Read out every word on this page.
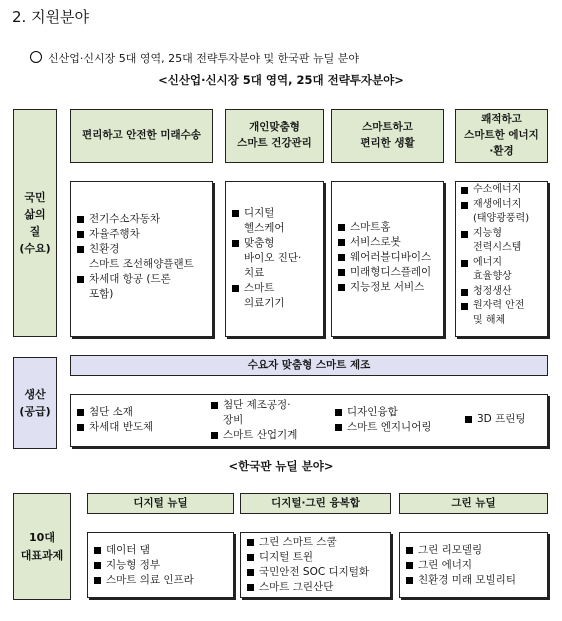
2. 지원분야
신산업·신시장 5대 영역, 25대 전략투자분야 및 한국판 뉴딜 분야
<신산업·신시장 5대 영역, 25대 전략투자분야>
국민
삶의
질
(수요)
편리하고 안전한 미래수송
개인맞춤형
스마트 건강관리
스마트하고
편리한 생활
쾌적하고
스마트한 에너지
·환경
전기수소자동차
자율주행차
친환경
스마트 조선해양플랜트
차세대 항공 (드론
포함)
디지털
헬스케어
맞춤형
바이오 진단·
치료
스마트
의료기기
스마트홈
서비스로봇
웨어러블디바이스
미래형디스플레이
지능정보 서비스
수소에너지
재생에너지
(태양광풍력)
지능형
전력시스템
에너지
효율향상
청정생산
원자력 안전
및 해체
생산
(공급)
수요자 맞춤형 스마트 제조
첨단 소재
차세대 반도체
첨단 제조공정·
장비
스마트 산업기계
디자인융합
스마트 엔지니어링
3D 프린팅
<한국판 뉴딜 분야>
10대
대표과제
디지털 뉴딜	디지털·그린 융복합	그린 뉴딜
데이터 댐
지능형 정부
스마트 의료 인프라
그린 스마트 스쿨
디지털 트윈
국민안전 SOC 디지털화
스마트 그린산단
그린 리모델링
그린 에너지
친환경 미래 모빌리티
